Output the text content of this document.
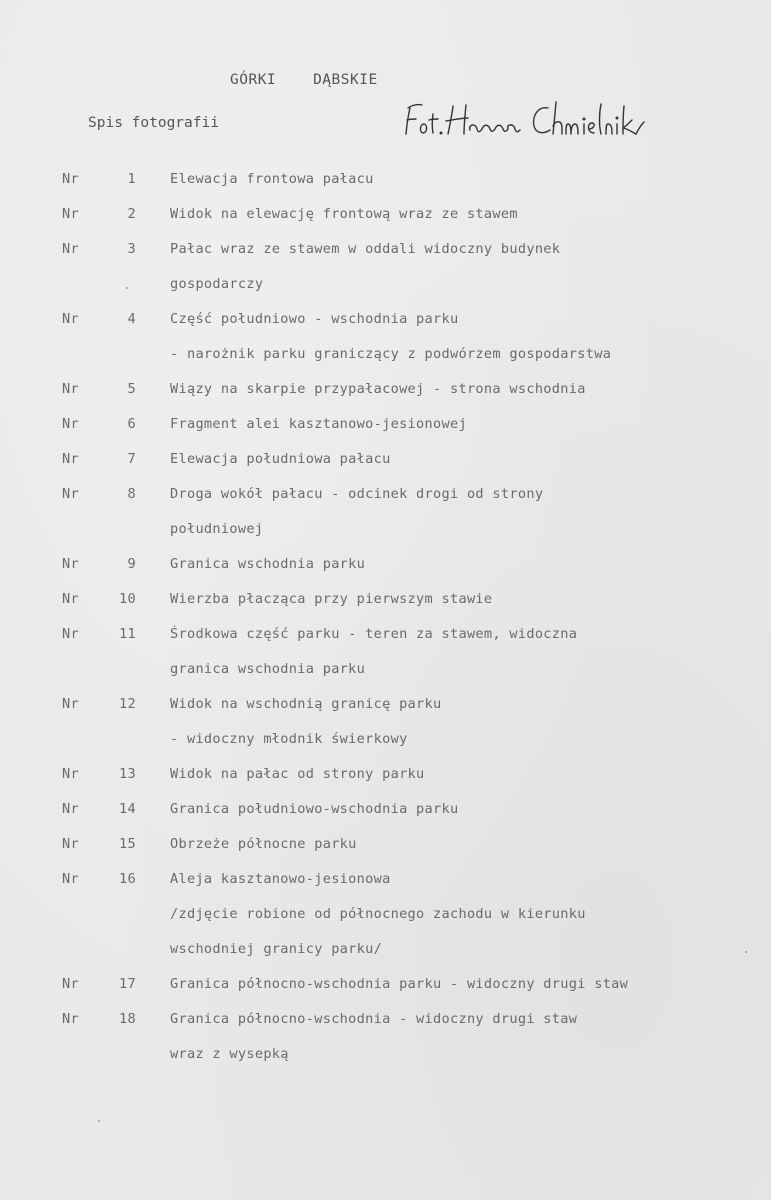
GÓRKI	DĄBSKIE
Spis fotografii
Nr	1	Elewacja frontowa pałacu
Nr	2	Widok na elewację frontową wraz ze stawem
Nr	3	Pałac wraz ze stawem w oddali widoczny budynek
gospodarczy
Nr	4	Część południowo - wschodnia parku
- narożnik parku graniczący z podwórzem gospodarstwa
Nr	5	Wiązy na skarpie przypałacowej - strona wschodnia
Nr	6	Fragment alei kasztanowo-jesionowej
Nr	7	Elewacja południowa pałacu
Nr	8	Droga wokół pałacu - odcinek drogi od strony
południowej
Nr	9	Granica wschodnia parku
Nr	10	Wierzba płacząca przy pierwszym stawie
Nr	11	Środkowa część parku - teren za stawem, widoczna
granica wschodnia parku
Nr	12	Widok na wschodnią granicę parku
- widoczny młodnik świerkowy
Nr	13	Widok na pałac od strony parku
Nr	14	Granica południowo-wschodnia parku
Nr	15	Obrzeże północne parku
Nr	16	Aleja kasztanowo-jesionowa
/zdjęcie robione od północnego zachodu w kierunku
wschodniej granicy parku/
Nr	17	Granica północno-wschodnia parku - widoczny drugi staw
Nr	18	Granica północno-wschodnia - widoczny drugi staw
wraz z wysepką
